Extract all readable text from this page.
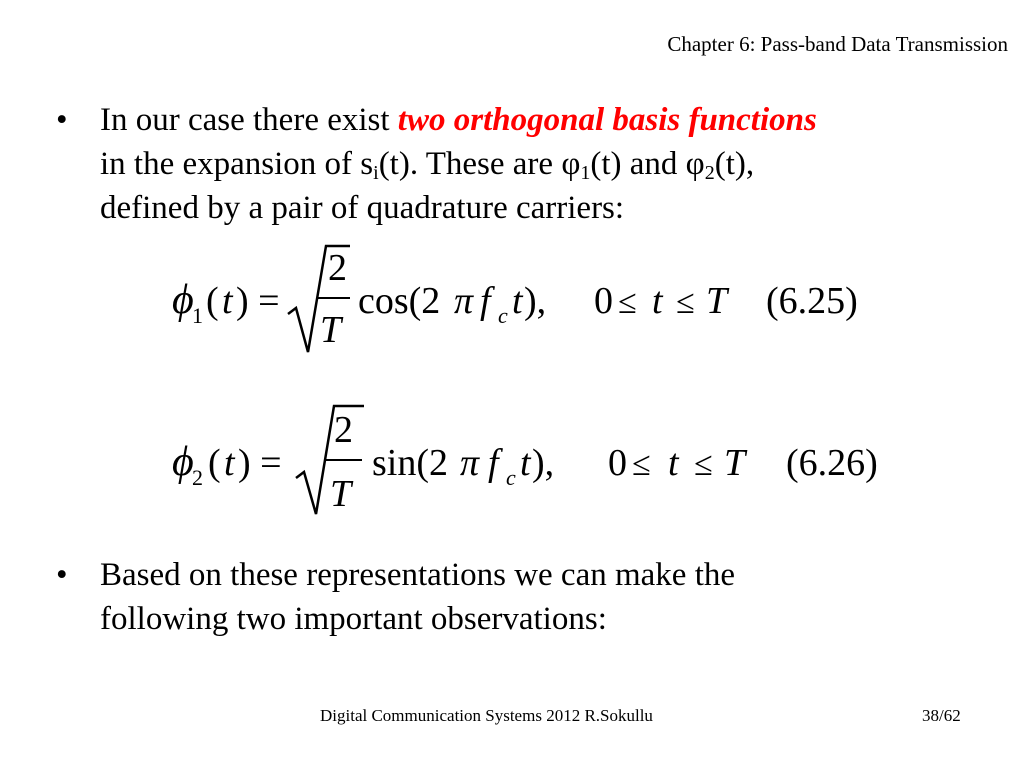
Chapter 6: Pass-band Data Transmission
• In our case there exist two orthogonal basis functions
in the expansion of $s_i(t)$. These are $\varphi_1(t)$ and $\varphi_2(t)$,
defined by a pair of quadrature carriers:
ϕ
1 ( t ) =
2
T
cos(2 π f c t ), 0 ≤ t ≤ T (6.25)
ϕ
2 ( t ) =
2
T
sin(2 π f c t ), 0 ≤ t ≤ T (6.26)
• Based on these representations we can make the
following two important observations:
Digital Communication Systems 2012 R.Sokullu	38/62
